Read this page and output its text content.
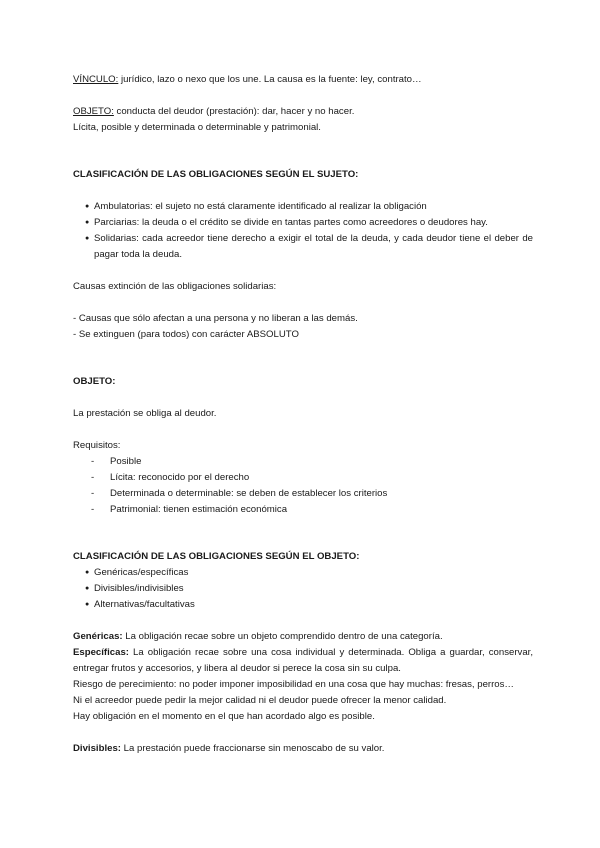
VÍNCULO: jurídico, lazo o nexo que los une. La causa es la fuente: ley, contrato…

OBJETO: conducta del deudor (prestación): dar, hacer y no hacer.

Lícita, posible y determinada o determinable y patrimonial.

CLASIFICACIÓN DE LAS OBLIGACIONES SEGÚN EL SUJETO:

● Ambulatorias: el sujeto no está claramente identificado al realizar la obligación
● Parciarias: la deuda o el crédito se divide en tantas partes como acreedores o deudores hay.
● Solidarias: cada acreedor tiene derecho a exigir el total de la deuda, y cada deudor tiene el deber de pagar toda la deuda.

Causas extinción de las obligaciones solidarias:

- Causas que sólo afectan a una persona y no liberan a las demás.

- Se extinguen (para todos) con carácter ABSOLUTO

OBJETO:

La prestación se obliga al deudor.

Requisitos:

- Posible
- Lícita: reconocido por el derecho
- Determinada o determinable: se deben de establecer los criterios
- Patrimonial: tienen estimación económica

CLASIFICACIÓN DE LAS OBLIGACIONES SEGÚN EL OBJETO:

● Genéricas/específicas
● Divisibles/indivisibles
● Alternativas/facultativas

Genéricas: La obligación recae sobre un objeto comprendido dentro de una categoría.

Específicas: La obligación recae sobre una cosa individual y determinada. Obliga a guardar, conservar, entregar frutos y accesorios, y libera al deudor si perece la cosa sin su culpa.

Riesgo de perecimiento: no poder imponer imposibilidad en una cosa que hay muchas: fresas, perros…

Ni el acreedor puede pedir la mejor calidad ni el deudor puede ofrecer la menor calidad.

Hay obligación en el momento en el que han acordado algo es posible.

Divisibles: La prestación puede fraccionarse sin menoscabo de su valor.
